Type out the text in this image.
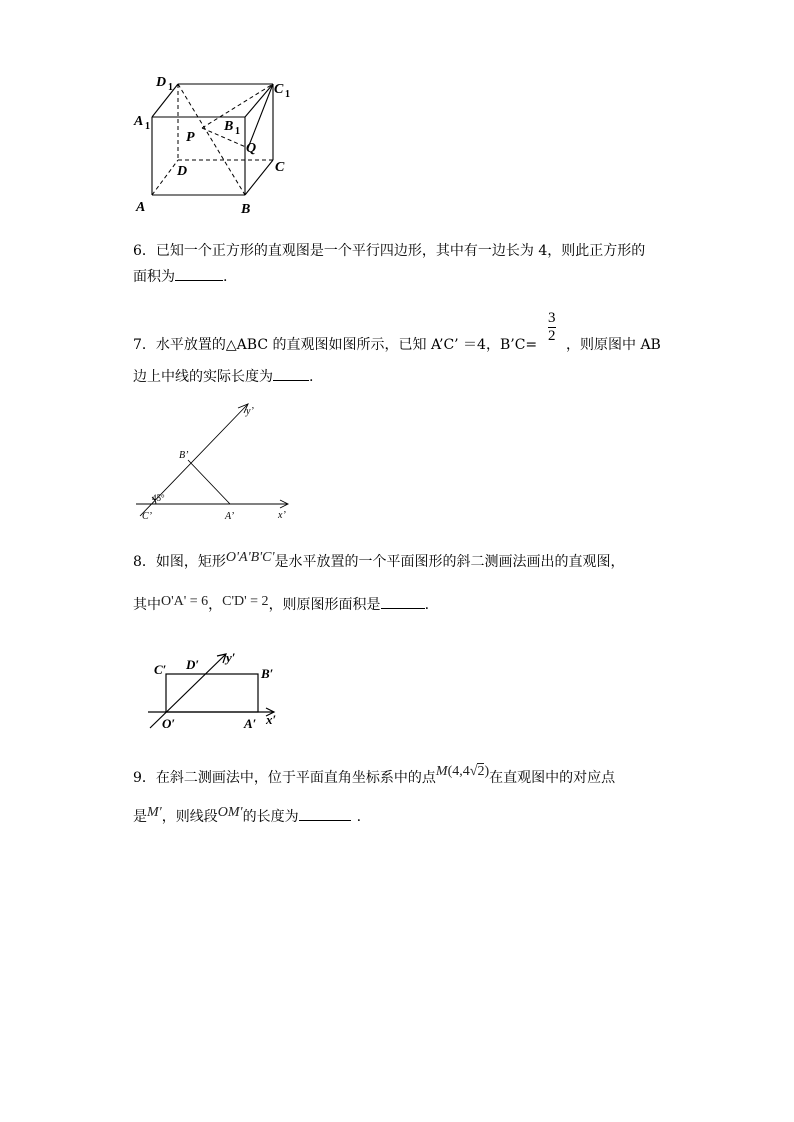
D 1	C 1
A 1	B 1
P
Q
D	C
A	B
6．已知一个正方形的直观图是一个平行四边形，其中有一边长为 4，则此正方形的
面积为	.
7．水平放置的△ABC 的直观图如图所示，已知 A’C’ ＝4，B’C= $\frac{3}{2}$ ，则原图中 AB
边上中线的实际长度为	.
y’
B’
45°
C’	A’	x’
8．如图，矩形O'A'B'C'是水平放置的一个平面图形的斜二测画法画出的直观图，
其中O'A' = 6，C'D' = 2，则原图形面积是	.
C′ D′ y′
B′
O′	A′ x′
9．在斜二测画法中，位于平面直角坐标系中的点M(4,4√2)在直观图中的对应点
是M′，则线段OM′的长度为	.
